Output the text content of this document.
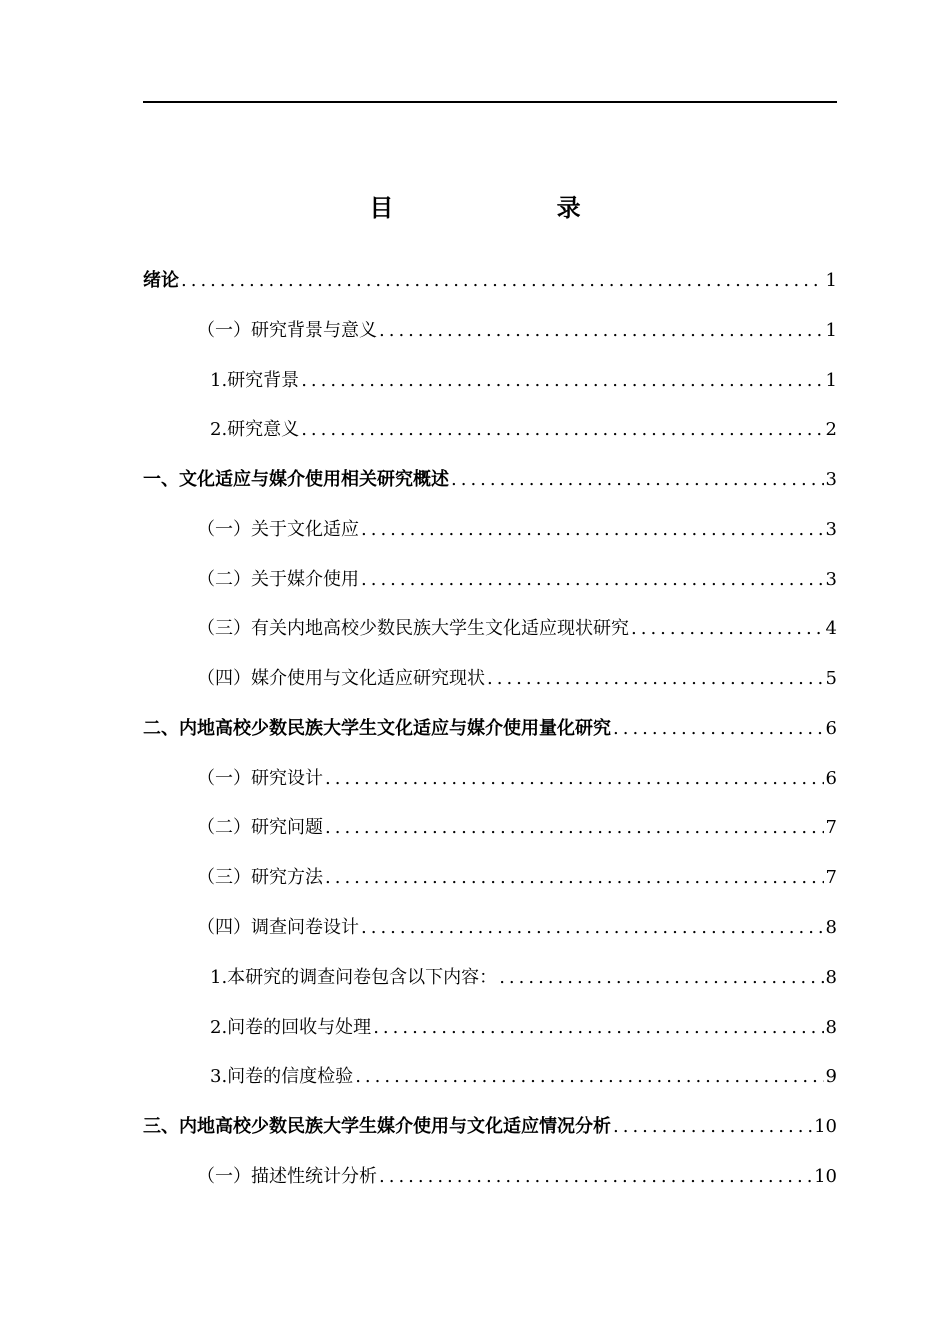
目　　录
绪论 .....	1
（一）研究背景与意义 .....	1
1.研究背景 .....	1
2.研究意义 .....	2
一、文化适应与媒介使用相关研究概述 .....	3
（一）关于文化适应 .....	3
（二）关于媒介使用 .....	3
（三）有关内地高校少数民族大学生文化适应现状研究 .....	4
（四）媒介使用与文化适应研究现状 .....	5
二、内地高校少数民族大学生文化适应与媒介使用量化研究 .....	6
（一）研究设计 .....	6
（二）研究问题 .....	7
（三）研究方法 .....	7
（四）调查问卷设计 .....	8
1.本研究的调查问卷包含以下内容： .....	8
2.问卷的回收与处理 .....	8
3.问卷的信度检验 .....	9
三、内地高校少数民族大学生媒介使用与文化适应情况分析 .....	10
（一）描述性统计分析 .....	10
